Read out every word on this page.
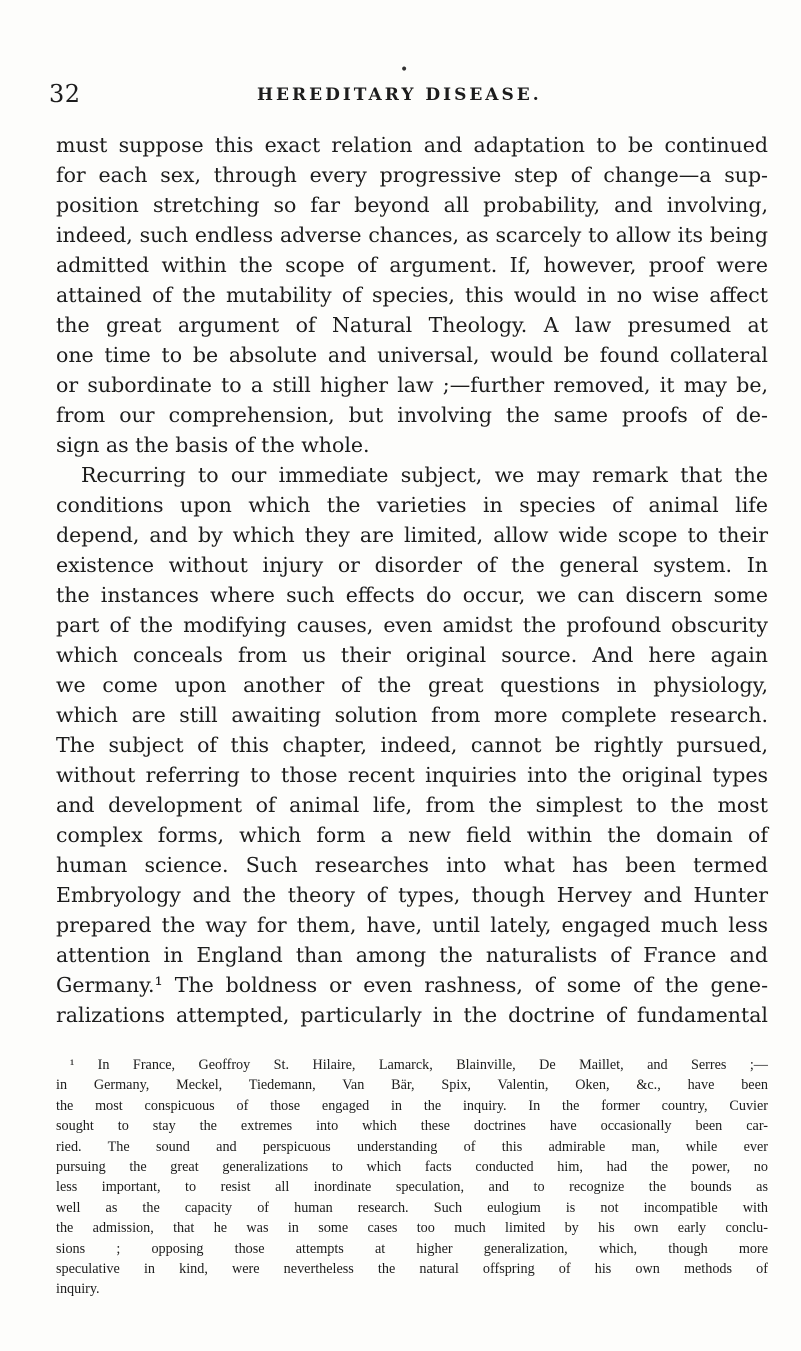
•
32	HEREDITARY DISEASE.
must suppose this exact relation and adaptation to be continued
for each sex, through every progressive step of change—a sup-
position stretching so far beyond all probability, and involving,
indeed, such endless adverse chances, as scarcely to allow its being
admitted within the scope of argument. If, however, proof were
attained of the mutability of species, this would in no wise affect
the great argument of Natural Theology. A law presumed at
one time to be absolute and universal, would be found collateral
or subordinate to a still higher law ;—further removed, it may be,
from our comprehension, but involving the same proofs of de-
sign as the basis of the whole.
Recurring to our immediate subject, we may remark that the
conditions upon which the varieties in species of animal life
depend, and by which they are limited, allow wide scope to their
existence without injury or disorder of the general system. In
the instances where such effects do occur, we can discern some
part of the modifying causes, even amidst the profound obscurity
which conceals from us their original source. And here again
we come upon another of the great questions in physiology,
which are still awaiting solution from more complete research.
The subject of this chapter, indeed, cannot be rightly pursued,
without referring to those recent inquiries into the original types
and development of animal life, from the simplest to the most
complex forms, which form a new field within the domain of
human science. Such researches into what has been termed
Embryology and the theory of types, though Hervey and Hunter
prepared the way for them, have, until lately, engaged much less
attention in England than among the naturalists of France and
Germany.¹ The boldness or even rashness, of some of the gene-
ralizations attempted, particularly in the doctrine of fundamental
¹ In France, Geoffroy St. Hilaire, Lamarck, Blainville, De Maillet, and Serres ;—
in Germany, Meckel, Tiedemann, Van Bär, Spix, Valentin, Oken, &c., have been
the most conspicuous of those engaged in the inquiry. In the former country, Cuvier
sought to stay the extremes into which these doctrines have occasionally been car-
ried. The sound and perspicuous understanding of this admirable man, while ever
pursuing the great generalizations to which facts conducted him, had the power, no
less important, to resist all inordinate speculation, and to recognize the bounds as
well as the capacity of human research. Such eulogium is not incompatible with
the admission, that he was in some cases too much limited by his own early conclu-
sions ; opposing those attempts at higher generalization, which, though more
speculative in kind, were nevertheless the natural offspring of his own methods of
inquiry.
